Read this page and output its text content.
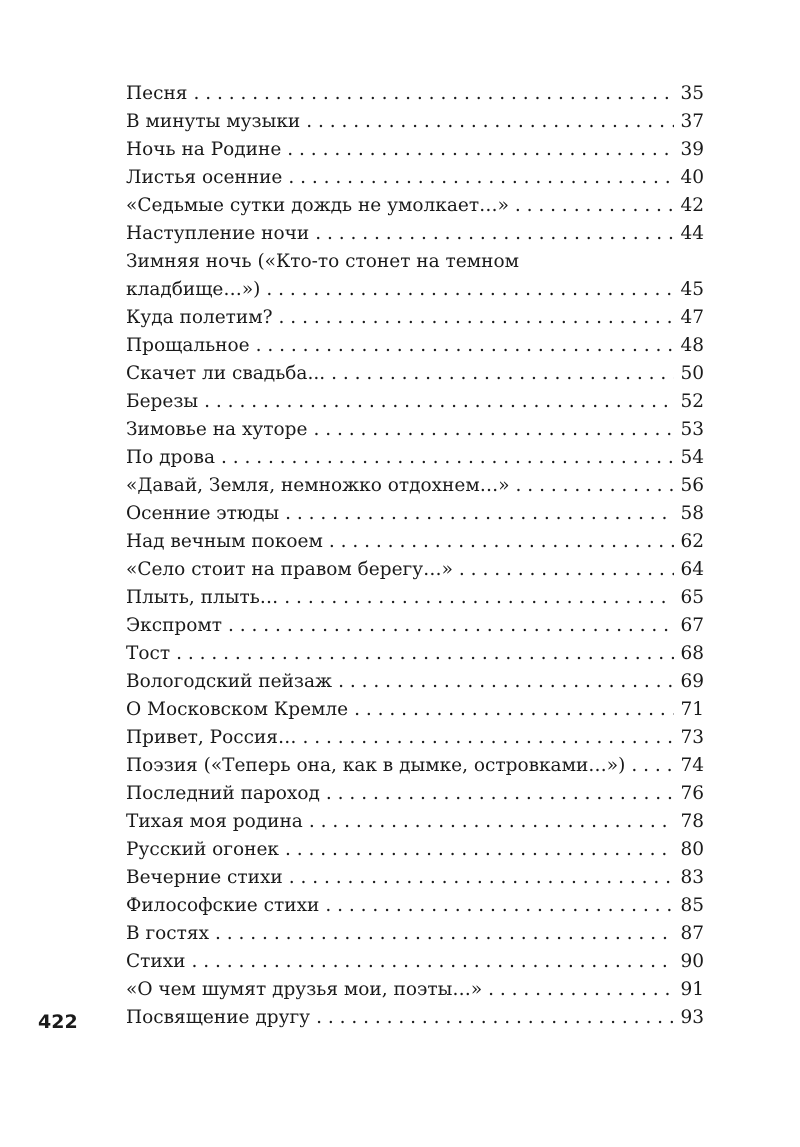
Песня . . .	35
В минуты музыки . . .	37
Ночь на Родине . . .	39
Листья осенние . . .	40
«Седьмые сутки дождь не умолкает…» . . .	42
Наступление ночи . . .	44
Зимняя ночь («Кто-то стонет на темном
кладбище…») . . .	45
Куда полетим? . . .	47
Прощальное . . .	48
Скачет ли свадьба... . . .	50
Березы . . .	52
Зимовье на хуторе . . .	53
По дрова . . .	54
«Давай, Земля, немножко отдохнем…» . . .	56
Осенние этюды . . .	58
Над вечным покоем . . .	62
«Село стоит на правом берегу…» . . .	64
Плыть, плыть… . . .	65
Экспромт . . .	67
Тост . . .	68
Вологодский пейзаж . . .	69
О Московском Кремле . . .	71
Привет, Россия… . . .	73
Поэзия («Теперь она, как в дымке, островками…») . . .	74
Последний пароход . . .	76
Тихая моя родина . . .	78
Русский огонек . . .	80
Вечерние стихи . . .	83
Философские стихи . . .	85
В гостях . . .	87
Стихи . . .	90
«О чем шумят друзья мои, поэты…» . . .	91
Посвящение другу . . .	93
422
